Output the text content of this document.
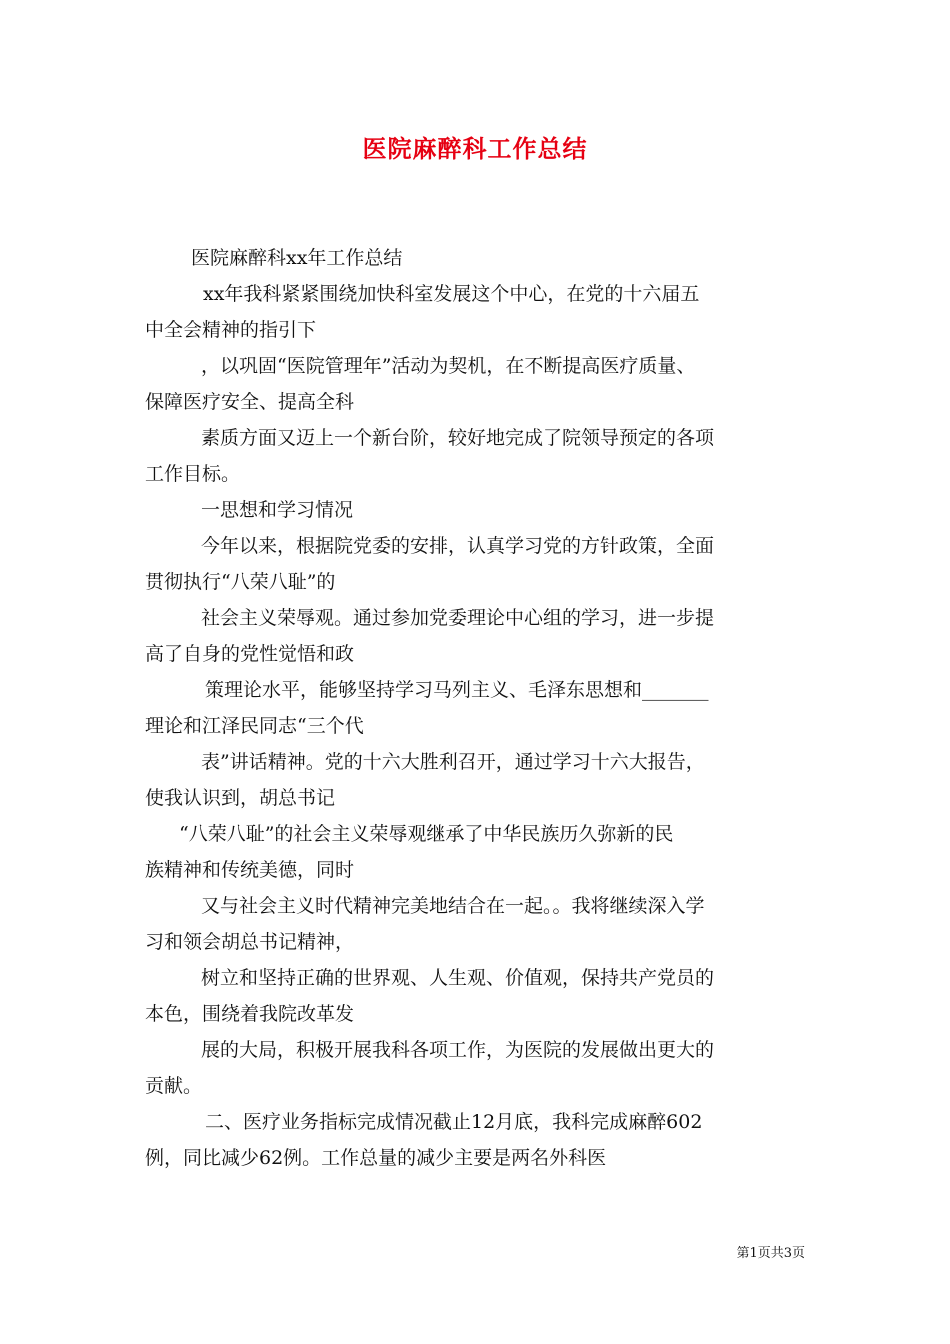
医院麻醉科工作总结

医院麻醉科xx年工作总结

xx年我科紧紧围绕加快科室发展这个中心，在党的十六届五
中全会精神的指引下

，以巩固“医院管理年”活动为契机，在不断提高医疗质量、
保障医疗安全、提高全科

素质方面又迈上一个新台阶，较好地完成了院领导预定的各项
工作目标。

一思想和学习情况

今年以来，根据院党委的安排，认真学习党的方针政策，全面
贯彻执行“八荣八耻”的

社会主义荣辱观。通过参加党委理论中心组的学习，进一步提
高了自身的党性觉悟和政

策理论水平，能够坚持学习马列主义、毛泽东思想和_______
理论和江泽民同志“三个代

表”讲话精神。党的十六大胜利召开，通过学习十六大报告，
使我认识到，胡总书记

“八荣八耻”的社会主义荣辱观继承了中华民族历久弥新的民
族精神和传统美德，同时

又与社会主义时代精神完美地结合在一起。。我将继续深入学
习和领会胡总书记精神，

树立和坚持正确的世界观、人生观、价值观，保持共产党员的
本色，围绕着我院改革发

展的大局，积极开展我科各项工作，为医院的发展做出更大的
贡献。

二、医疗业务指标完成情况截止12月底，我科完成麻醉602
例，同比减少62例。工作总量的减少主要是两名外科医

第1页共3页
